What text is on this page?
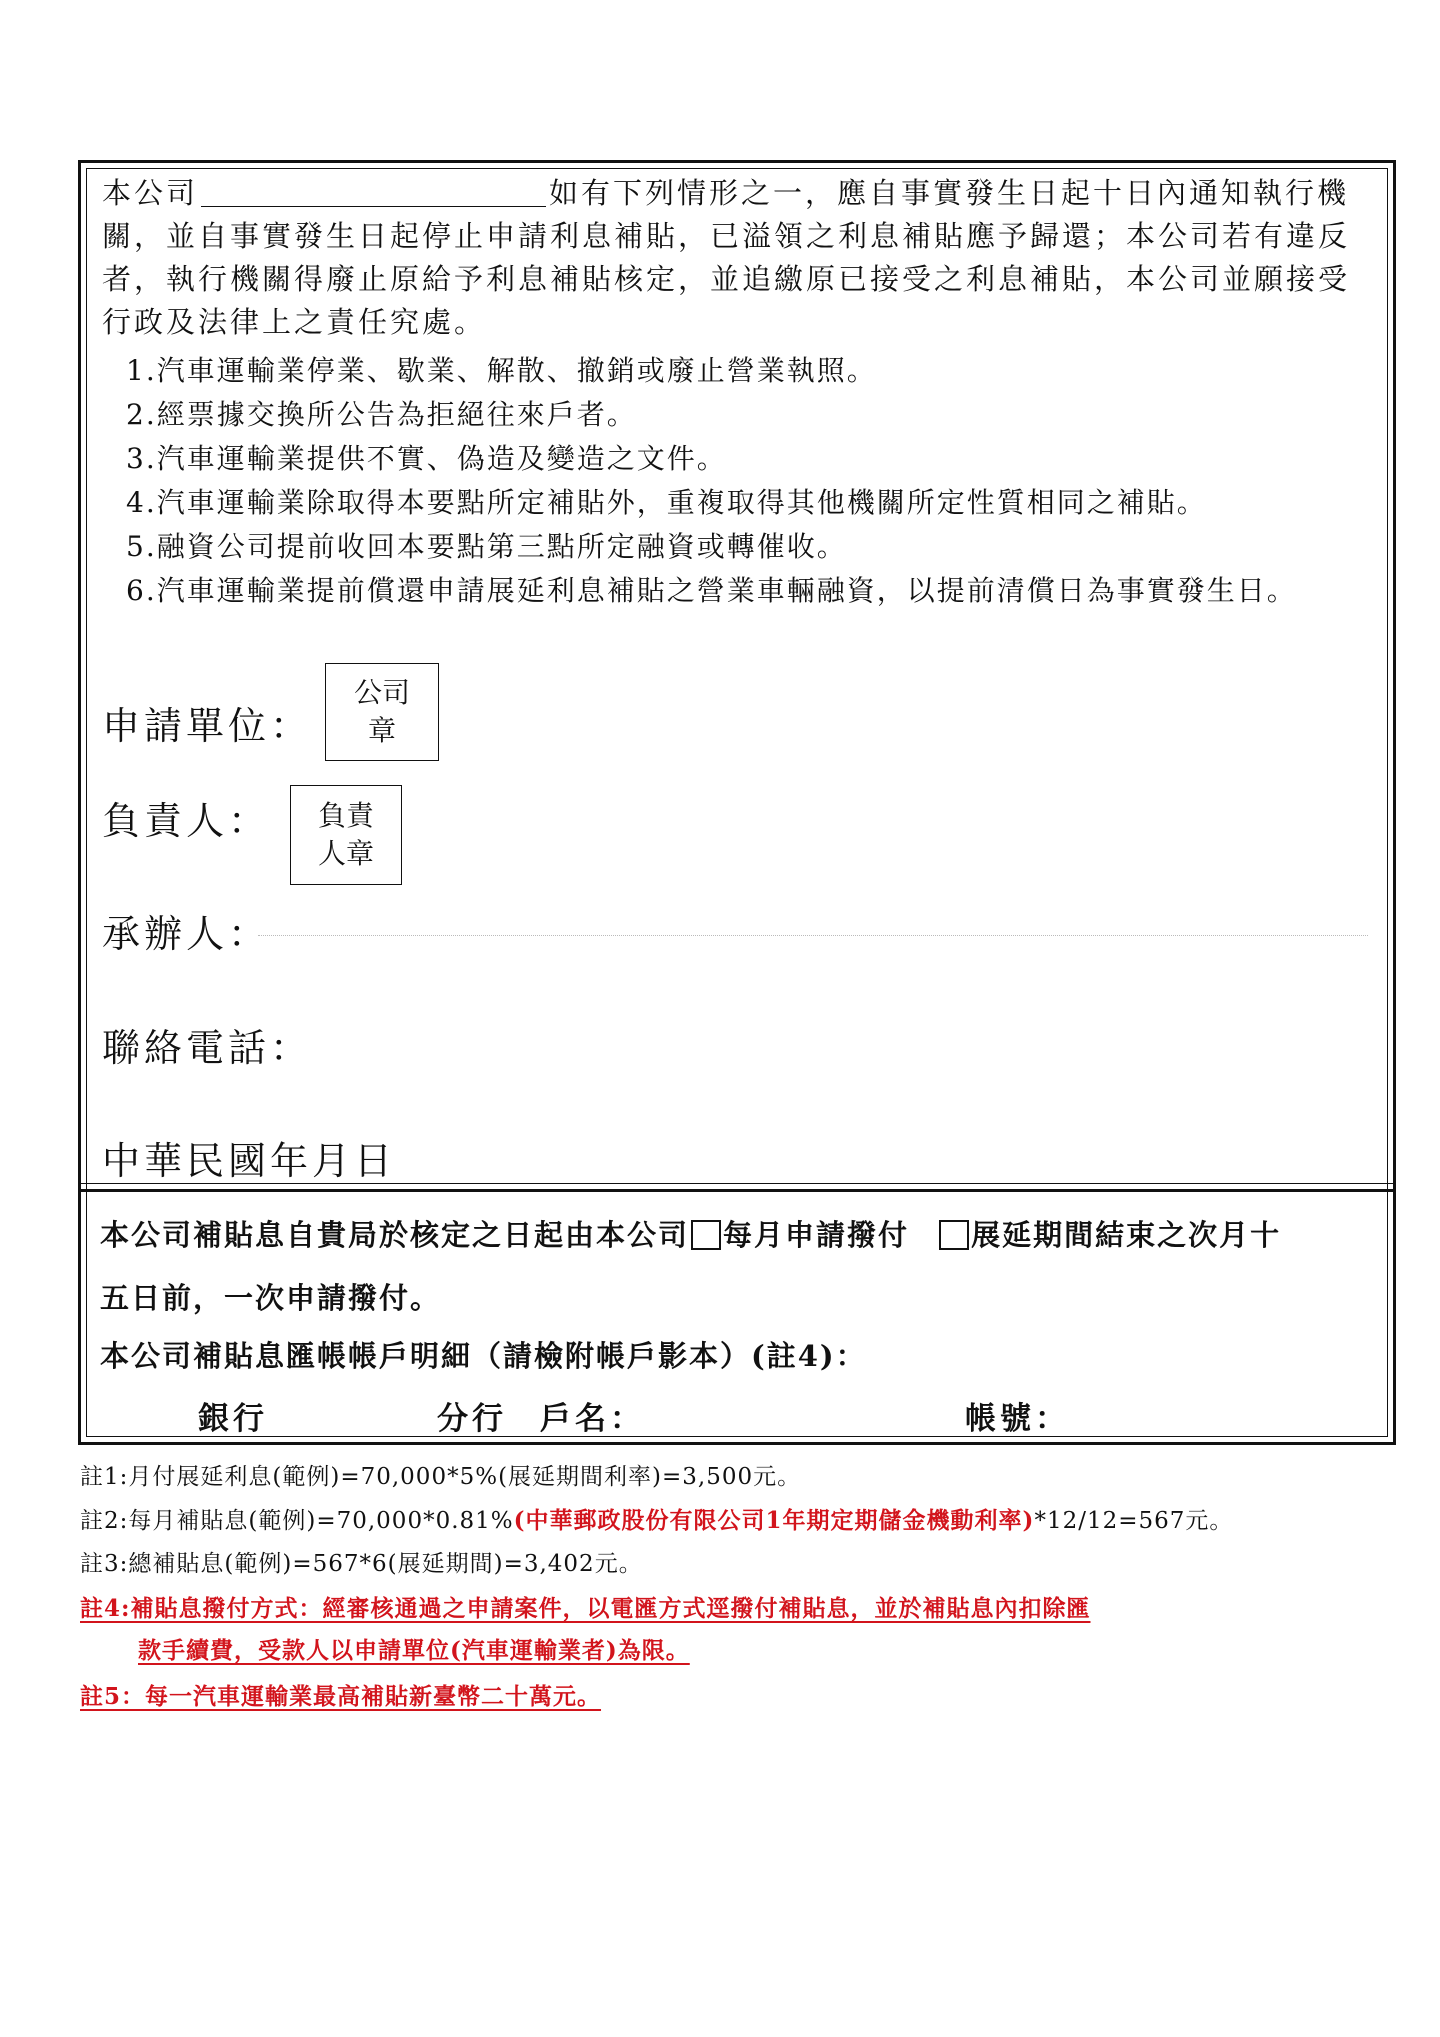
本公司	如有下列情形之一，應自事實發生日起十日內通知執行機關，並自事實發生日起停止申請利息補貼，已溢領之利息補貼應予歸還；本公司若有違反者，執行機關得廢止原給予利息補貼核定，並追繳原已接受之利息補貼，本公司並願接受行政及法律上之責任究處。
1.汽車運輸業停業、歇業、解散、撤銷或廢止營業執照。
2.經票據交換所公告為拒絕往來戶者。
3.汽車運輸業提供不實、偽造及變造之文件。
4.汽車運輸業除取得本要點所定補貼外，重複取得其他機關所定性質相同之補貼。
5.融資公司提前收回本要點第三點所定融資或轉催收。
6.汽車運輸業提前償還申請展延利息補貼之營業車輛融資，以提前清償日為事實發生日。
申請單位：
公司
章
負責人： 負責
人章
承辦人：
聯絡電話：
中華民國年月日
本公司補貼息自貴局於核定之日起由本公司 每月申請撥付 展延期間結束之次月十
五日前，一次申請撥付。
本公司補貼息匯帳帳戶明細（請檢附帳戶影本）(註4)：
銀行	分行 戶名：	帳號：
註1:月付展延利息(範例)=70,000*5%(展延期間利率)=3,500元。
註2:每月補貼息(範例)=70,000*0.81%(中華郵政股份有限公司1年期定期儲金機動利率)*12/12=567元。
註3:總補貼息(範例)=567*6(展延期間)=3,402元。
註4:補貼息撥付方式：經審核通過之申請案件，以電匯方式逕撥付補貼息，並於補貼息內扣除匯
款手續費，受款人以申請單位(汽車運輸業者)為限。
註5：每一汽車運輸業最高補貼新臺幣二十萬元。
